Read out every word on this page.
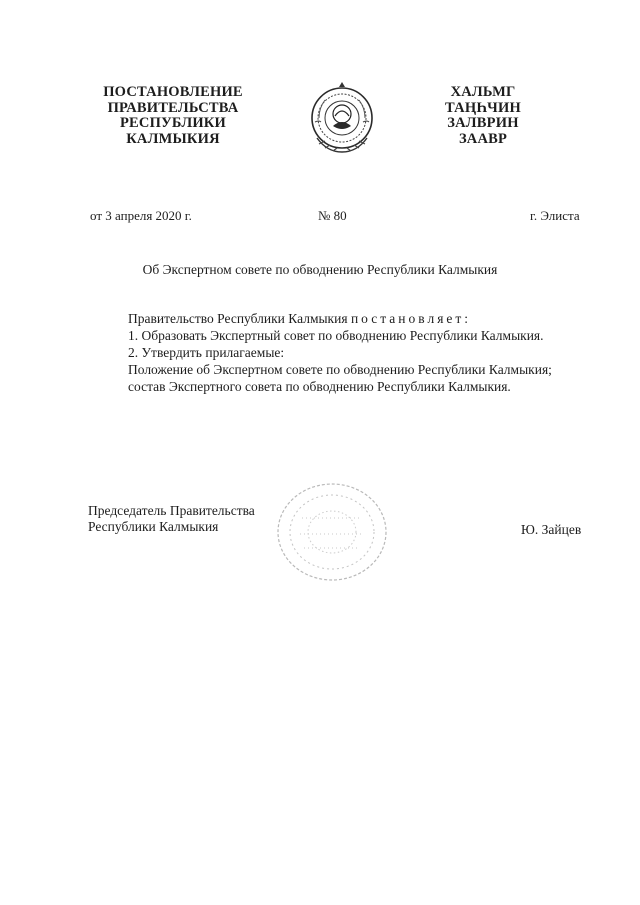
ПОСТАНОВЛЕНИЕ
ПРАВИТЕЛЬСТВА
РЕСПУБЛИКИ
КАЛМЫКИЯ
ХАЛЬМГ
ТАҢҺЧИН
ЗАЛВРИН
ЗААВР
от 3 апреля 2020 г.	№ 80	г. Элиста
Об Экспертном совете по обводнению Республики Калмыкия

Правительство Республики Калмыкия постановляет:

1. Образовать Экспертный совет по обводнению Республики Калмыкия.

2. Утвердить прилагаемые:

Положение об Экспертном совете по обводнению Республики Калмыкия;

состав Экспертного совета по обводнению Республики Калмыкия.

Председатель Правительства
Республики Калмыкия	Ю. Зайцев
